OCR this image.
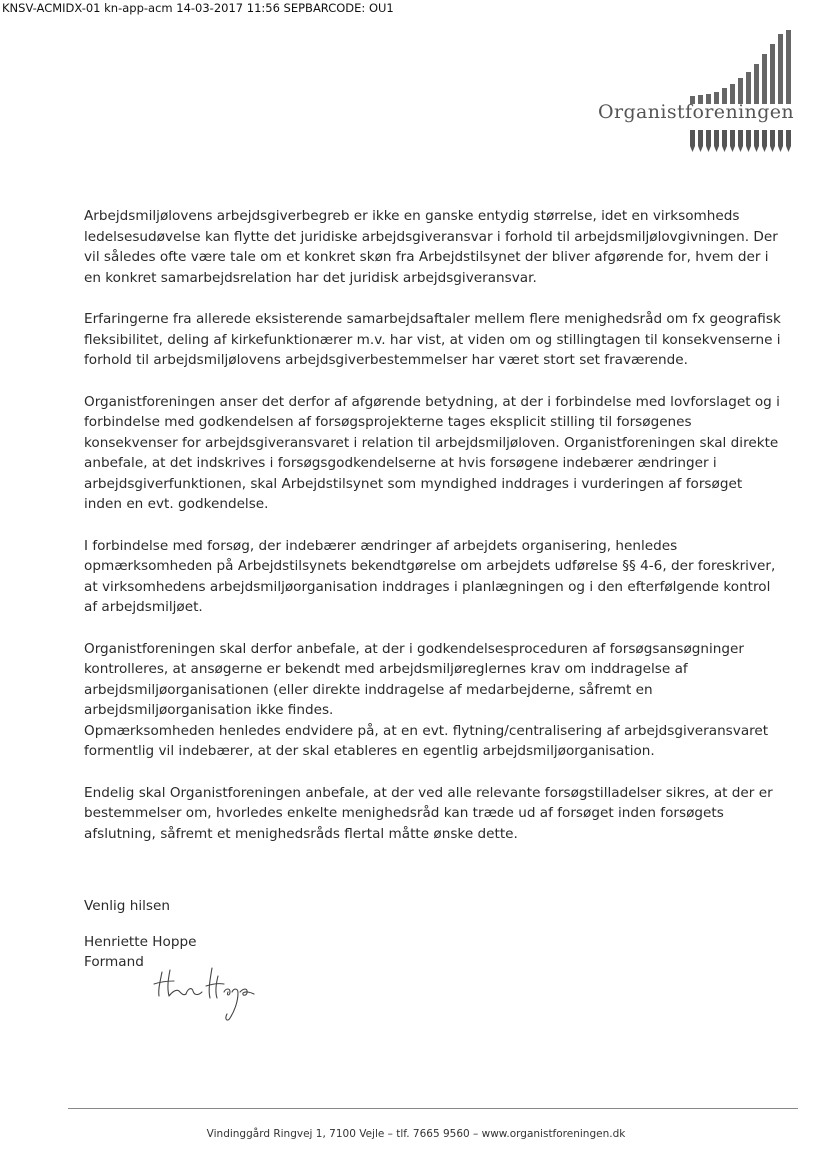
KNSV-ACMIDX-01 kn-app-acm 14-03-2017 11:56 SEPBARCODE: OU1
Organistforeningen

Arbejdsmiljølovens arbejdsgiverbegreb er ikke en ganske entydig størrelse, idet en virksomheds ledelsesudøvelse kan flytte det juridiske arbejdsgiveransvar i forhold til arbejdsmiljølovgivningen. Der vil således ofte være tale om et konkret skøn fra Arbejdstilsynet der bliver afgørende for, hvem der i en konkret samarbejdsrelation har det juridisk arbejdsgiveransvar.

Erfaringerne fra allerede eksisterende samarbejdsaftaler mellem flere menighedsråd om fx geografisk fleksibilitet, deling af kirkefunktionærer m.v. har vist, at viden om og stillingtagen til konsekvenserne i forhold til arbejdsmiljølovens arbejdsgiverbestemmelser har været stort set fraværende.

Organistforeningen anser det derfor af afgørende betydning, at der i forbindelse med lovforslaget og i forbindelse med godkendelsen af forsøgsprojekterne tages eksplicit stilling til forsøgenes konsekvenser for arbejdsgiveransvaret i relation til arbejdsmiljøloven. Organistforeningen skal direkte anbefale, at det indskrives i forsøgsgodkendelserne at hvis forsøgene indebærer ændringer i arbejdsgiverfunktionen, skal Arbejdstilsynet som myndighed inddrages i vurderingen af forsøget inden en evt. godkendelse.

I forbindelse med forsøg, der indebærer ændringer af arbejdets organisering, henledes opmærksomheden på Arbejdstilsynets bekendtgørelse om arbejdets udførelse §§ 4-6, der foreskriver, at virksomhedens arbejdsmiljøorganisation inddrages i planlægningen og i den efterfølgende kontrol af arbejdsmiljøet.

Organistforeningen skal derfor anbefale, at der i godkendelsesproceduren af forsøgsansøgninger kontrolleres, at ansøgerne er bekendt med arbejdsmiljøreglernes krav om inddragelse af arbejdsmiljøorganisationen (eller direkte inddragelse af medarbejderne, såfremt en arbejdsmiljøorganisation ikke findes.

Opmærksomheden henledes endvidere på, at en evt. flytning/centralisering af arbejdsgiveransvaret formentlig vil indebærer, at der skal etableres en egentlig arbejdsmiljøorganisation.

Endelig skal Organistforeningen anbefale, at der ved alle relevante forsøgstilladelser sikres, at der er bestemmelser om, hvorledes enkelte menighedsråd kan træde ud af forsøget inden forsøgets afslutning, såfremt et menighedsråds flertal måtte ønske dette.

Venlig hilsen
Henriette Hoppe
Formand
Vindinggård Ringvej 1, 7100 Vejle – tlf. 7665 9560 – www.organistforeningen.dk
